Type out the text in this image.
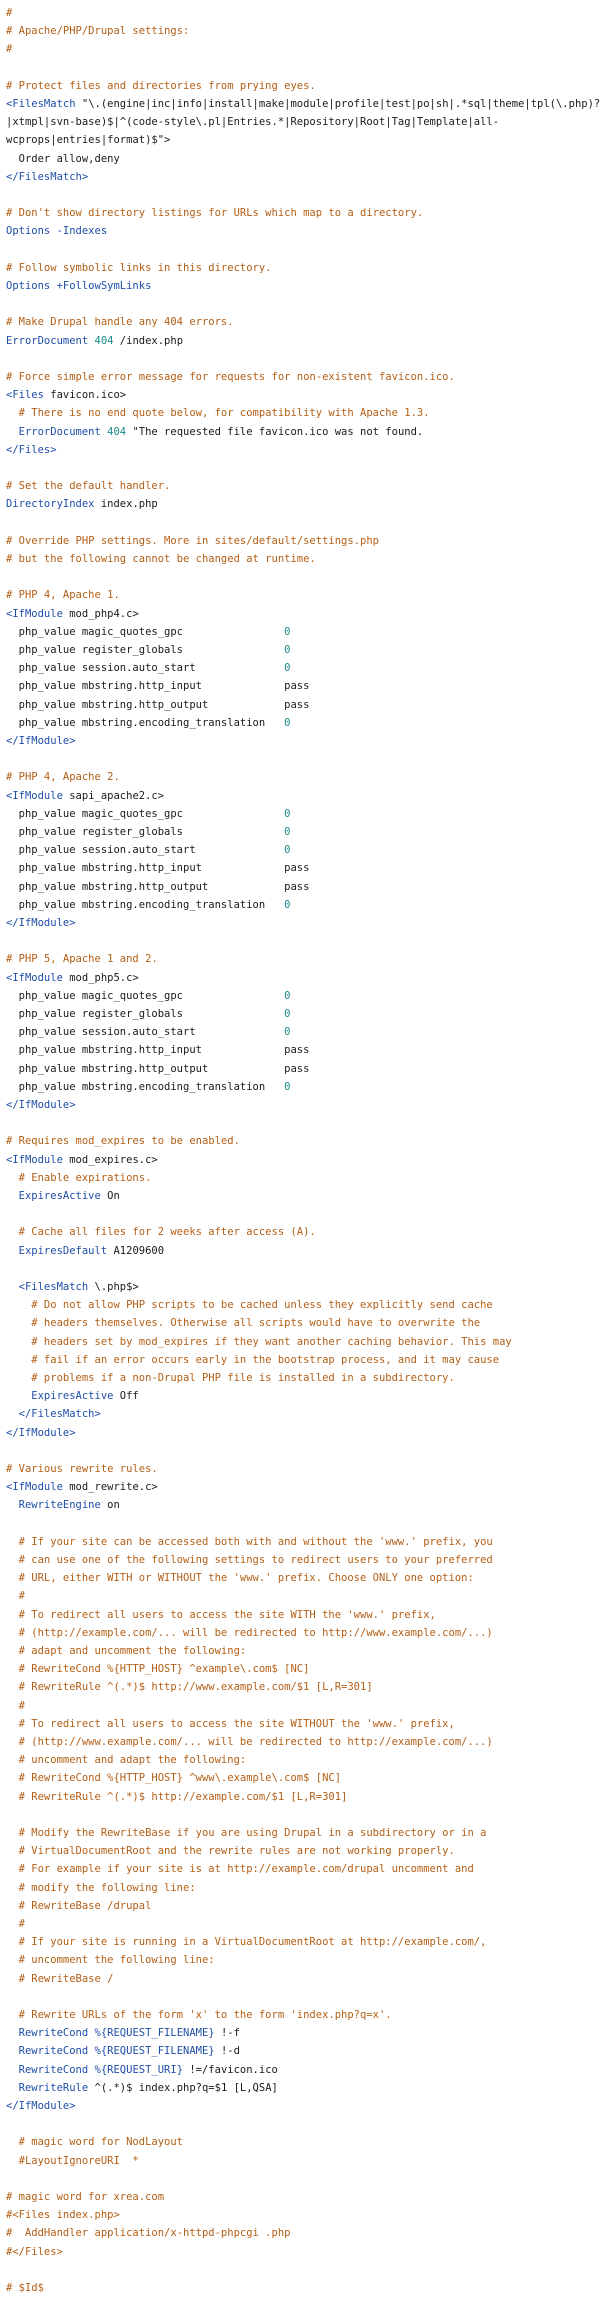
#
# Apache/PHP/Drupal settings:
#
# Protect files and directories from prying eyes.
<FilesMatch "\.(engine|inc|info|install|make|module|profile|test|po|sh|.*sql|theme|tpl(\.php)?
|xtmpl|svn-base)$|^(code-style\.pl|Entries.*|Repository|Root|Tag|Template|all-
wcprops|entries|format)$">
Order allow,deny
</FilesMatch>
# Don't show directory listings for URLs which map to a directory.
Options -Indexes
# Follow symbolic links in this directory.
Options +FollowSymLinks
# Make Drupal handle any 404 errors.
ErrorDocument 404 /index.php
# Force simple error message for requests for non-existent favicon.ico.
<Files favicon.ico>
# There is no end quote below, for compatibility with Apache 1.3.
ErrorDocument 404 "The requested file favicon.ico was not found.
</Files>
# Set the default handler.
DirectoryIndex index.php
# Override PHP settings. More in sites/default/settings.php
# but the following cannot be changed at runtime.
# PHP 4, Apache 1.
<IfModule mod_php4.c>
php_value magic_quotes_gpc                0
php_value register_globals                0
php_value session.auto_start              0
php_value mbstring.http_input             pass
php_value mbstring.http_output            pass
php_value mbstring.encoding_translation   0
</IfModule>
# PHP 4, Apache 2.
<IfModule sapi_apache2.c>
php_value magic_quotes_gpc                0
php_value register_globals                0
php_value session.auto_start              0
php_value mbstring.http_input             pass
php_value mbstring.http_output            pass
php_value mbstring.encoding_translation   0
</IfModule>
# PHP 5, Apache 1 and 2.
<IfModule mod_php5.c>
php_value magic_quotes_gpc                0
php_value register_globals                0
php_value session.auto_start              0
php_value mbstring.http_input             pass
php_value mbstring.http_output            pass
php_value mbstring.encoding_translation   0
</IfModule>
# Requires mod_expires to be enabled.
<IfModule mod_expires.c>
# Enable expirations.
ExpiresActive On
# Cache all files for 2 weeks after access (A).
ExpiresDefault A1209600
<FilesMatch \.php$>
# Do not allow PHP scripts to be cached unless they explicitly send cache
# headers themselves. Otherwise all scripts would have to overwrite the
# headers set by mod_expires if they want another caching behavior. This may
# fail if an error occurs early in the bootstrap process, and it may cause
# problems if a non-Drupal PHP file is installed in a subdirectory.
ExpiresActive Off
</FilesMatch>
</IfModule>
# Various rewrite rules.
<IfModule mod_rewrite.c>
RewriteEngine on
# If your site can be accessed both with and without the 'www.' prefix, you
# can use one of the following settings to redirect users to your preferred
# URL, either WITH or WITHOUT the 'www.' prefix. Choose ONLY one option:
#
# To redirect all users to access the site WITH the 'www.' prefix,
# (http://example.com/... will be redirected to http://www.example.com/...)
# adapt and uncomment the following:
# RewriteCond %{HTTP_HOST} ^example\.com$ [NC]
# RewriteRule ^(.*)$ http://www.example.com/$1 [L,R=301]
#
# To redirect all users to access the site WITHOUT the 'www.' prefix,
# (http://www.example.com/... will be redirected to http://example.com/...)
# uncomment and adapt the following:
# RewriteCond %{HTTP_HOST} ^www\.example\.com$ [NC]
# RewriteRule ^(.*)$ http://example.com/$1 [L,R=301]
# Modify the RewriteBase if you are using Drupal in a subdirectory or in a
# VirtualDocumentRoot and the rewrite rules are not working properly.
# For example if your site is at http://example.com/drupal uncomment and
# modify the following line:
# RewriteBase /drupal
#
# If your site is running in a VirtualDocumentRoot at http://example.com/,
# uncomment the following line:
# RewriteBase /
# Rewrite URLs of the form 'x' to the form 'index.php?q=x'.
RewriteCond %{REQUEST_FILENAME} !-f
RewriteCond %{REQUEST_FILENAME} !-d
RewriteCond %{REQUEST_URI} !=/favicon.ico
RewriteRule ^(.*)$ index.php?q=$1 [L,QSA]
</IfModule>
# magic word for NodLayout
#LayoutIgnoreURI  *
# magic word for xrea.com
#<Files index.php>
#  AddHandler application/x-httpd-phpcgi .php
#</Files>
# $Id$
